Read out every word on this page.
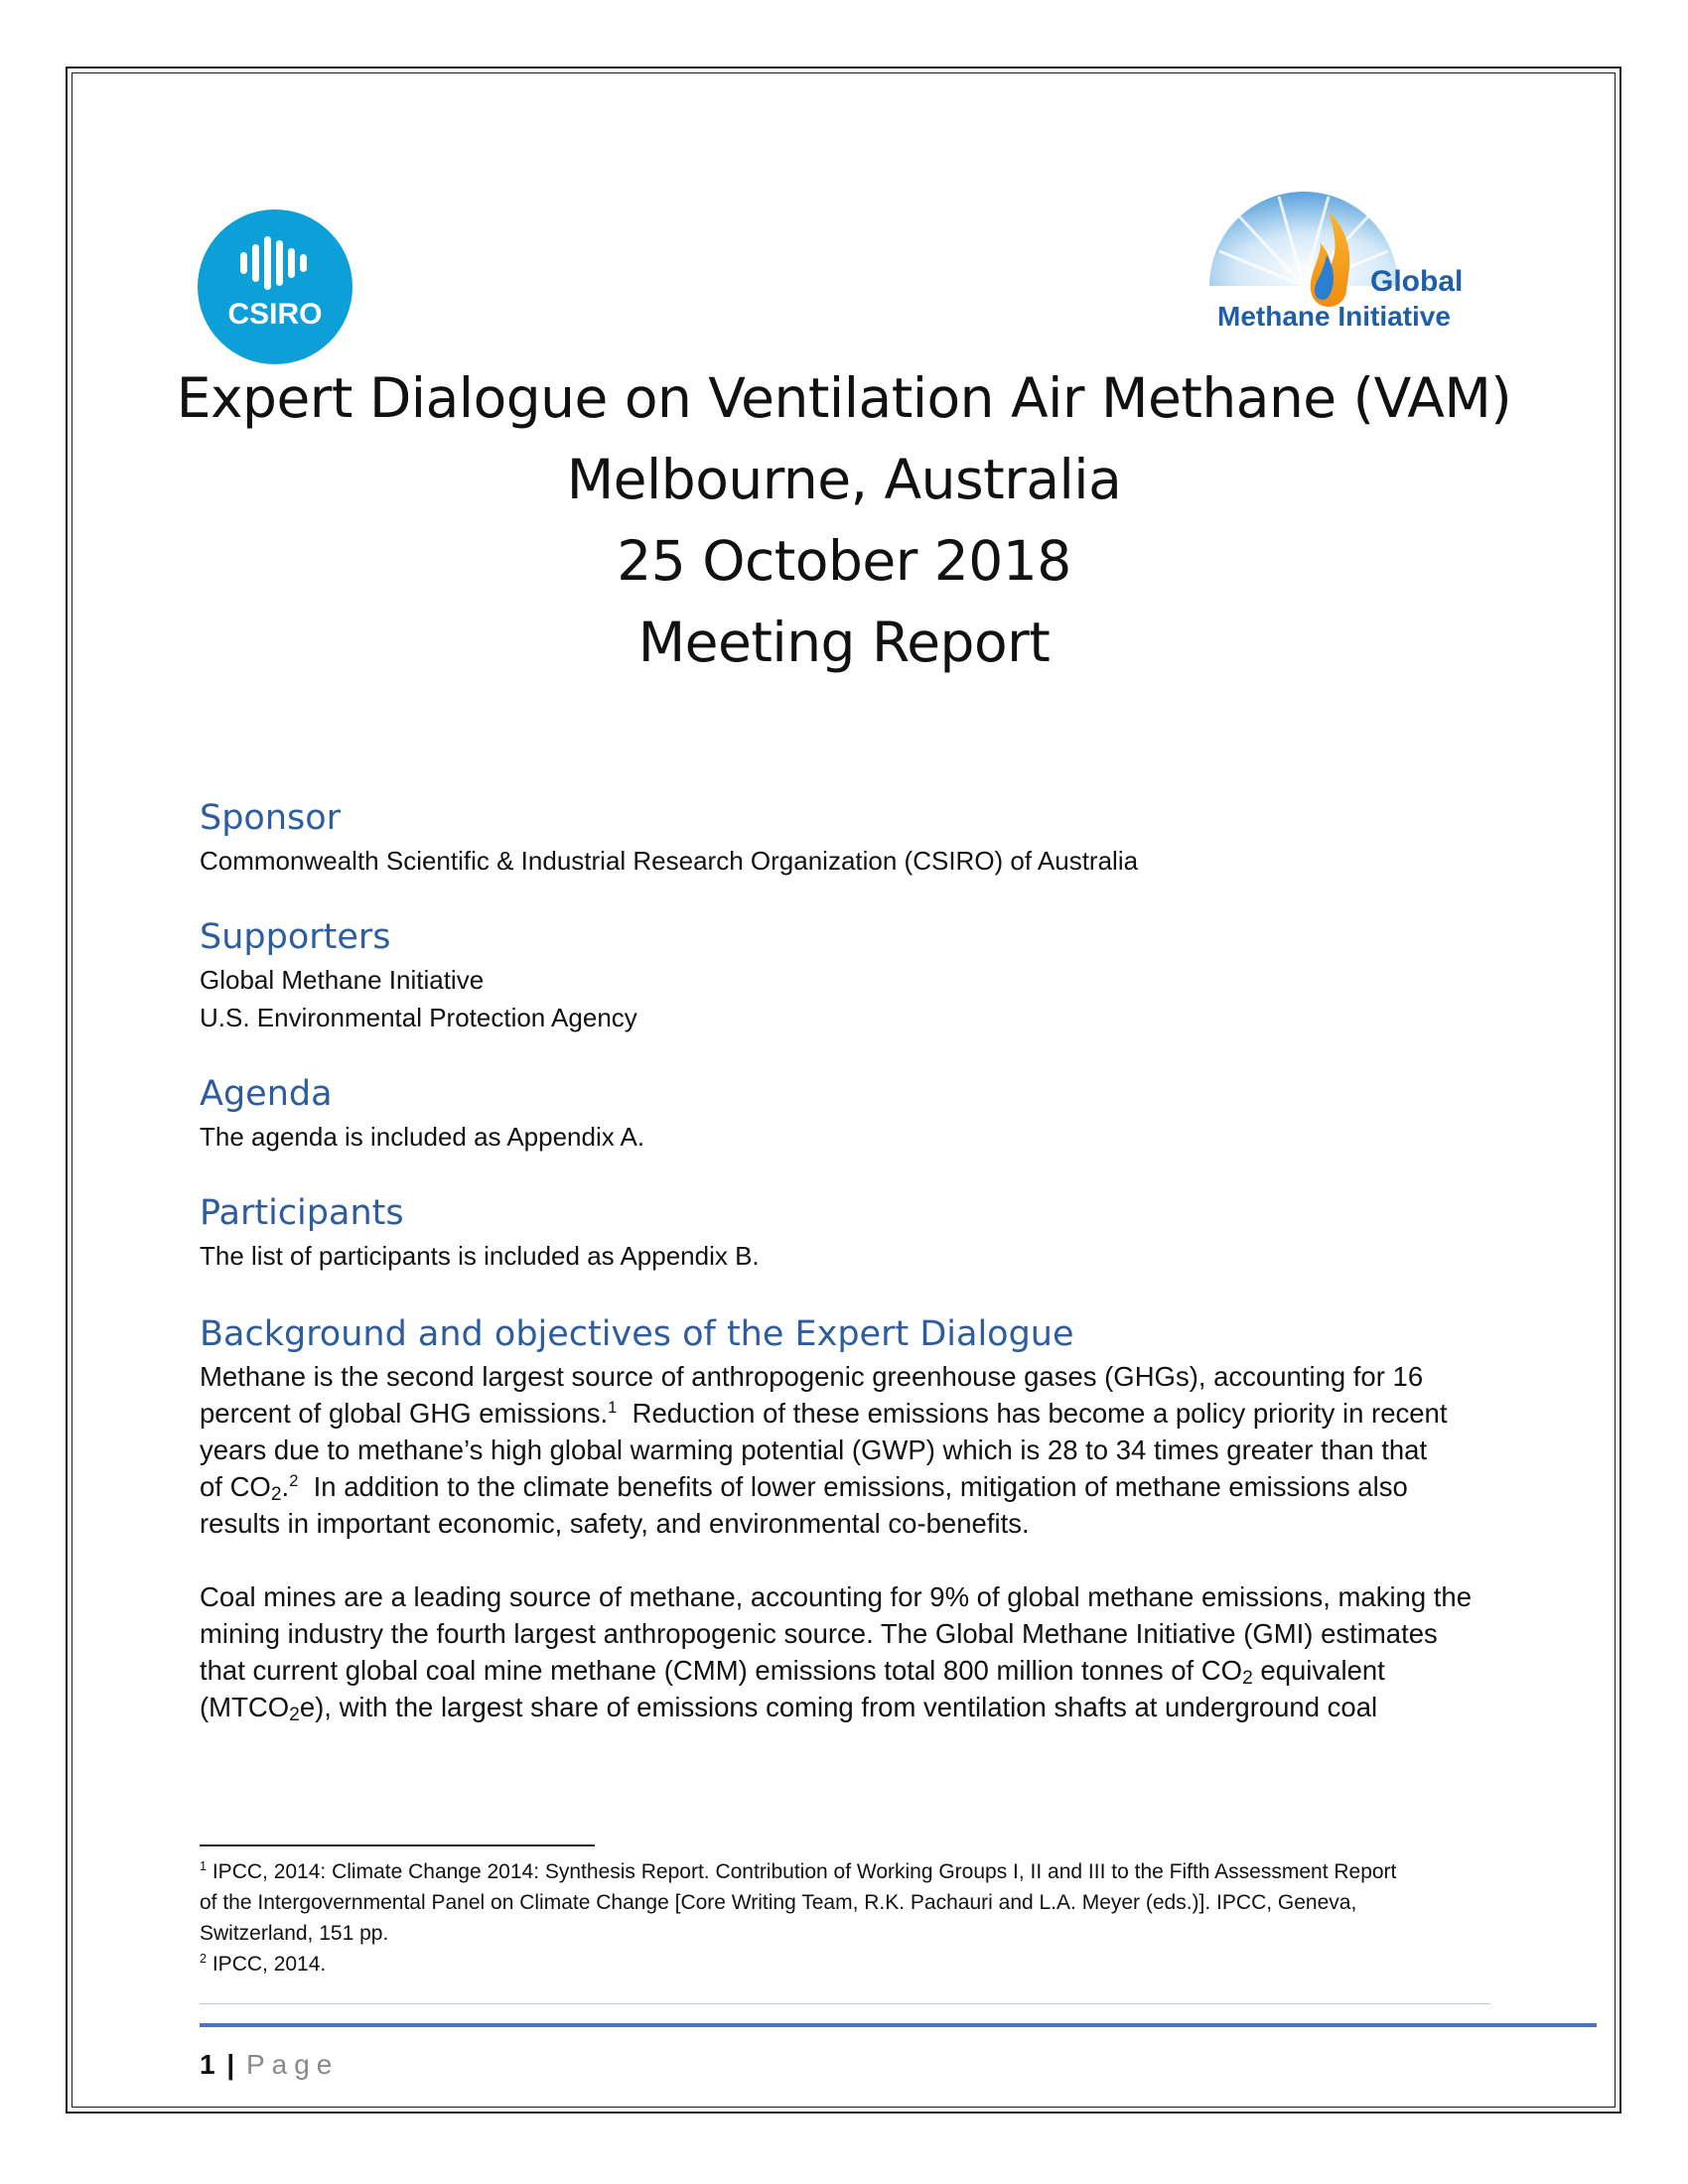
CSIRO
Global
Methane Initiative
Expert Dialogue on Ventilation Air Methane (VAM)
Melbourne, Australia
25 October 2018
Meeting Report
Sponsor
Commonwealth Scientific & Industrial Research Organization (CSIRO) of Australia
Supporters
Global Methane Initiative
U.S. Environmental Protection Agency
Agenda
The agenda is included as Appendix A.
Participants
The list of participants is included as Appendix B.
Background and objectives of the Expert Dialogue
Methane is the second largest source of anthropogenic greenhouse gases (GHGs), accounting for 16
percent of global GHG emissions.$^1$  Reduction of these emissions has become a policy priority in recent
years due to methane’s high global warming potential (GWP) which is 28 to 34 times greater than that
of $CO_2.^2$  In addition to the climate benefits of lower emissions, mitigation of methane emissions also
results in important economic, safety, and environmental co-benefits.
Coal mines are a leading source of methane, accounting for 9% of global methane emissions, making the
mining industry the fourth largest anthropogenic source. The Global Methane Initiative (GMI) estimates
that current global coal mine methane (CMM) emissions total 800 million tonnes of $CO_2$ equivalent
$(MTCO_2e)$, with the largest share of emissions coming from ventilation shafts at underground coal
$^1$ IPCC, 2014: Climate Change 2014: Synthesis Report. Contribution of Working Groups I, II and III to the Fifth Assessment Report
of the Intergovernmental Panel on Climate Change [Core Writing Team, R.K. Pachauri and L.A. Meyer (eds.)]. IPCC, Geneva,
Switzerland, 151 pp.
$^2$ IPCC, 2014.
1 | Page
